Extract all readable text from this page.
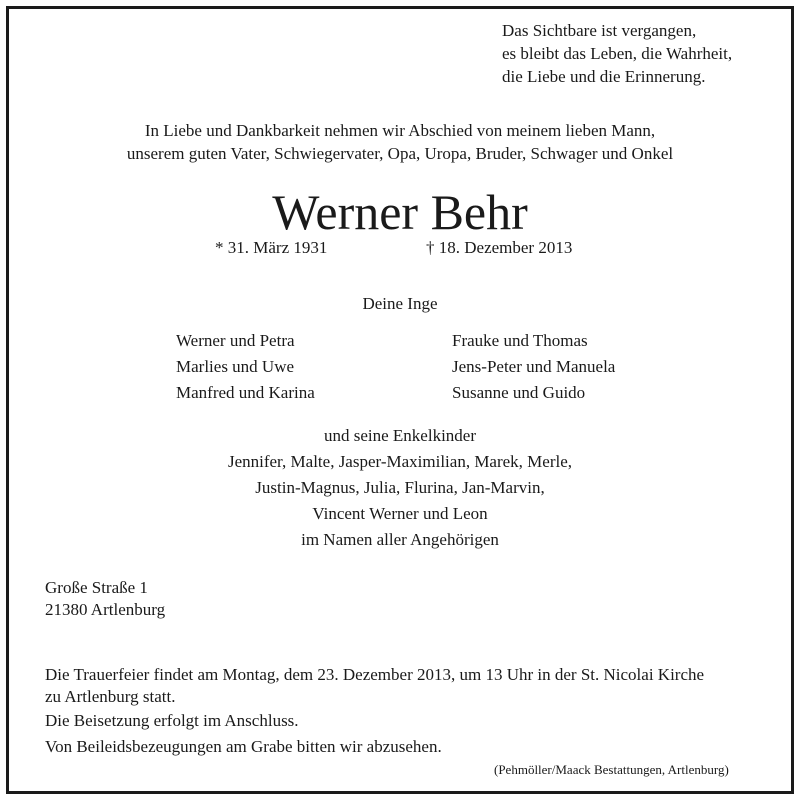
Das Sichtbare ist vergangen,
es bleibt das Leben, die Wahrheit,
die Liebe und die Erinnerung.
In Liebe und Dankbarkeit nehmen wir Abschied von meinem lieben Mann,
unserem guten Vater, Schwiegervater, Opa, Uropa, Bruder, Schwager und Onkel
Werner Behr
* 31. März 1931	† 18. Dezember 2013
Deine Inge
Werner und Petra
Marlies und Uwe
Manfred und Karina
Frauke und Thomas
Jens-Peter und Manuela
Susanne und Guido
und seine Enkelkinder
Jennifer, Malte, Jasper-Maximilian, Marek, Merle,
Justin-Magnus, Julia, Flurina, Jan-Marvin,
Vincent Werner und Leon
im Namen aller Angehörigen
Große Straße 1
21380 Artlenburg
Die Trauerfeier findet am Montag, dem 23. Dezember 2013, um 13 Uhr in der St. Nicolai Kirche
zu Artlenburg statt.
Die Beisetzung erfolgt im Anschluss.
Von Beileidsbezeugungen am Grabe bitten wir abzusehen.
(Pehmöller/Maack Bestattungen, Artlenburg)
